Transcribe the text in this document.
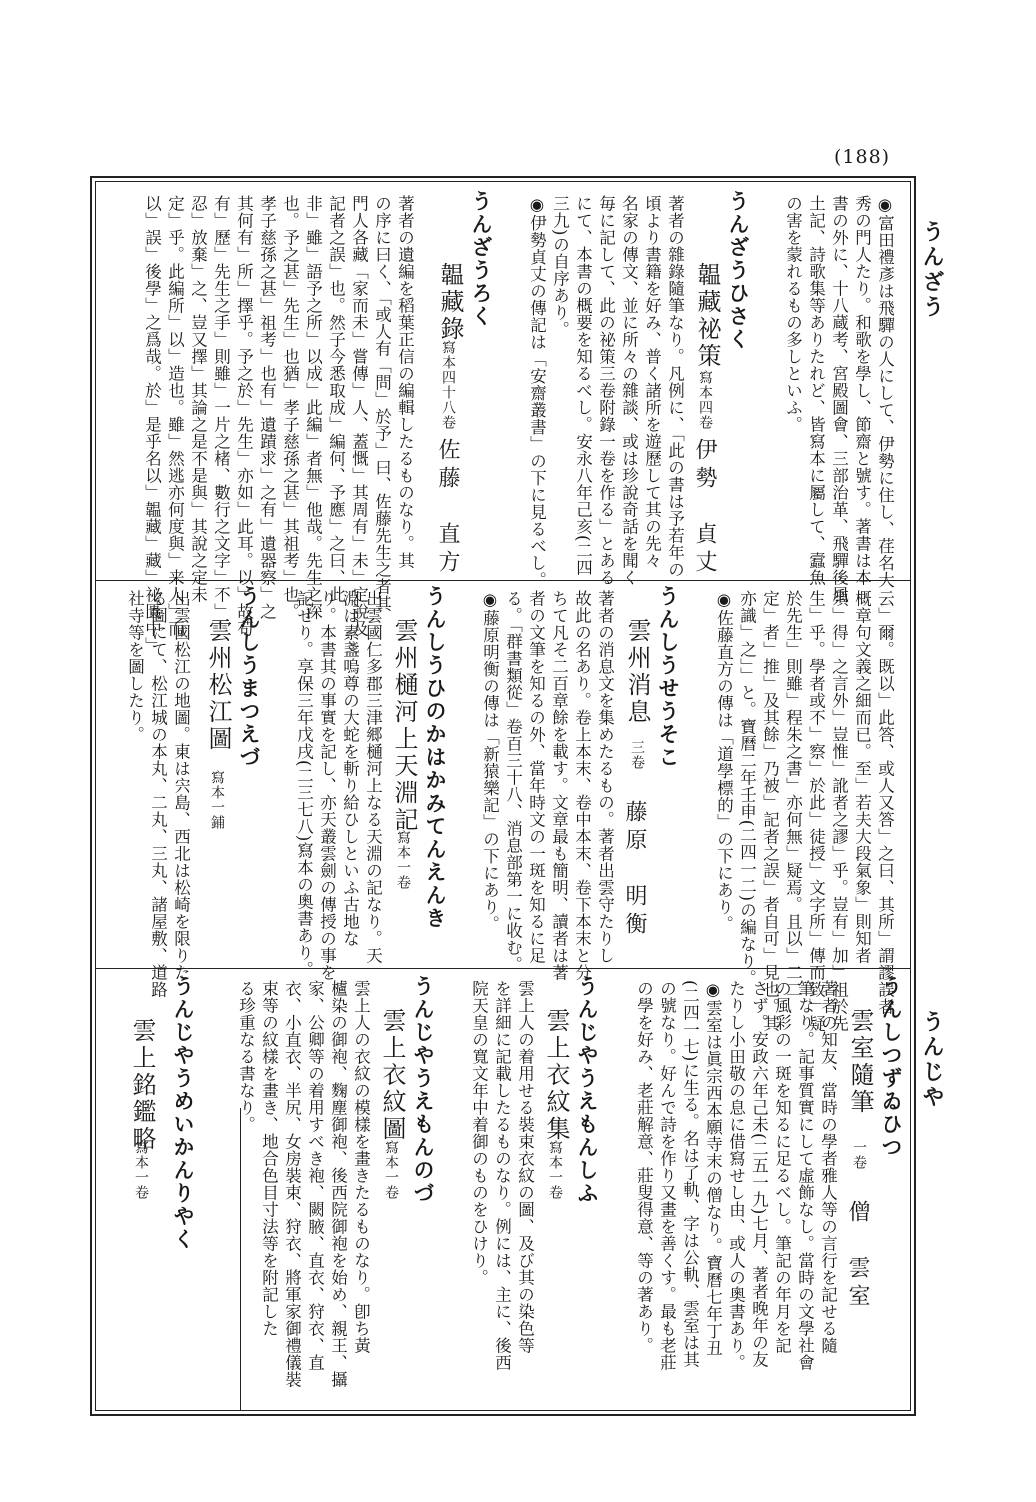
(188)
うんざう
うんじや
◉富田禮彥は飛驒の人にして、伊勢に住し、荏名大
秀の門人たり。和歌を學し、節齋と號す。著書は本
書の外に、十八蔵考、宮殿圖會、三部治革、飛驒後風
土記、詩歌集等ありたれど、皆寫本に屬して、蠧魚
の害を蒙れるもの多しといふ。
うんざうひさく
韞藏祕策
寫本四卷
伊勢　貞丈
著者の雜錄隨筆なり。凡例に、「此の書は予若年の
頃より書籍を好み、普く諸所を遊歷して其の先々
名家の傳文、並に所々の雜談、或は珍說奇話を聞く
毎に記して、此の祕策三卷附錄一卷を作る」とある
にて、本書の概要を知るべし。安永八年己亥(二四
三九)の自序あり。
◉伊勢貞丈の傳記は「安齋叢書」の下に見るべし。
うんざうろく
韞藏錄
寫本四十八卷
佐藤　直方
著者の遺編を稻葉正信の編輯したるものなり。其
の序に曰く、「或人有「問」於予」曰、佐藤先生之者其
門人各藏「家而未」嘗傳」人、蓋慨」其周有」未」定說及
記者之誤」也。然子今悉取成」編何、予應」之曰、此
非」雖」語予之所」以成」此編」者無」他哉。先生之深
也。予之甚」先生」也猶」孝子慈孫之甚」其祖考」也。
孝子慈孫之甚」祖考」也有」遺蹟求」之有」遺器察」之
其何有」所」擇乎。予之於」先生」亦如」此耳。以」故苟
有」歷」先生之手」則雖」一片之楮、數行之文字」不」
忍」放棄」之、豈又擇」其論之是不是與」其說之定未
定」乎。此編所」以」造也。雖」然逃亦何度與」来人」而
以」誤」後學」之爲哉。於」是乎名以」韞藏」藏」祕匱中」
云」爾。既以」此答、或人又答」之曰、其所」謂謬誤者
概章句文義之細而已。至」若夫大段氣象」則知者
須」得」之言外」豈惟」訛者之謬」乎。豈有」加」祖於先
生」乎。學者或不」察」於此」徒授」文字所」傳而致」疑
於先生」則雖」程朱之書」亦何無」疑焉。且以」二二
定」者」推」及其餘」乃被」記者之誤」者自可」見也。其
亦識」之」」と。寶曆二年壬申(二四一二)の編なり。
◉佐藤直方の傳は「道學標的」の下にあり。
うんしうせうそこ
雲州消息
三卷
藤原　明衡
著者の消息文を集めたるもの。著者出雲守たりし
故此の名あり。卷上本末、卷中本末、卷下本末と分
ちて凡そ二百章餘を載す。文章最も簡明、讀者は著
者の文筆を知るの外、當年時文の一斑を知るに足
る。「群書類從」卷百三十八、消息部第一に收む。
◉藤原明衡の傳は「新猿樂記」の下にあり。
うんしうひのかはかみてんえんき
雲州樋河上天淵記
寫本一卷
出雲國仁多郡三津郷樋河上なる天淵の記なり。天
淵は素盞嗚尊の大蛇を斬り給ひしといふ古地な
り。本書其の事實を記し、亦天叢雲劍の傳授の事を
記せり。享保三年戊戌(二三七八)寫本の奧書あり。
うんしうまつえづ
雲州松江圖
寫本一鋪
出雲國松江の地圖。東は宍島、西北は松崎を限りた
る圖にて、松江城の本丸、二丸、三丸、諸屋敷、道路
社寺等を圖したり。
うんしつずゐひつ
雲室隨筆
一卷
僧　雲室
著者の知友、當時の學者雅人等の言行を記せる隨
筆なり。記事質實にして虛飾なし。當時の文學社會
の風彩の一斑を知るに足るべし。筆記の年月を記
さず。安政六年己未(二五一九)七月、著者晚年の友
たりし小田敬の息に借寫せし由、或人の奧書あり。
◉雲室は眞宗西本願寺末の僧なり。寶曆七年丁丑
(二四一七)に生る。名は了軌、字は公軌、雲室は其
の號なり。好んで詩を作り又畫を善くす。最も老莊
の學を好み、老莊解意、莊叟得意、等の著あり。
うんじやうえもんしふ
雲上衣紋集
寫本一卷
雲上人の着用せる裝束衣紋の圖、及び其の染色等
を詳細に記載したるものなり。例には、主に、後西
院天皇の寬文年中着御のものをひけり。
うんじやうえもんのづ
雲上衣紋圖
寫本一卷
雲上人の衣紋の模樣を畫きたるものなり。卽ち黃
櫨染の御袍、麴塵御袍、後西院御袍を始め、親王、攝
家、公卿等の着用すべき袍、闕腋、直衣、狩衣、直
衣、小直衣、半尻、女房裝束、狩衣、將軍家御禮儀裝
束等の紋樣を畫き、地合色目寸法等を附記した
る珍重なる書なり。
うんじやうめいかんりやく
雲上銘鑑略
寫本一卷
